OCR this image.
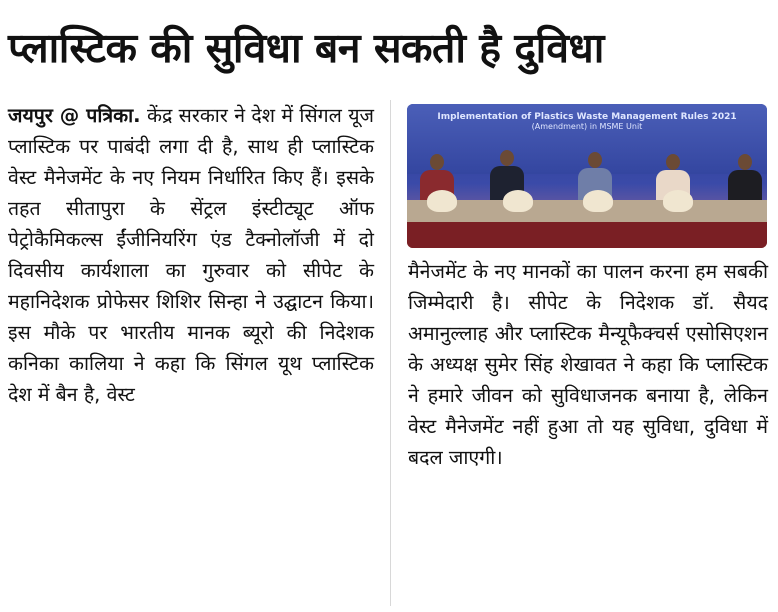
प्लास्टिक की सुविधा बन सकती है दुविधा

जयपुर @ पत्रिका. केंद्र सरकार ने देश में सिंगल यूज प्लास्टिक पर पाबंदी लगा दी है, साथ ही प्लास्टिक वेस्ट मैनेजमेंट के नए नियम निर्धारित किए हैं। इसके तहत सीतापुरा के सेंट्रल इंस्टीट्यूट ऑफ पेट्रोकैमिकल्स ईंजीनियरिंग एंड टैक्नोलॉजी में दो दिवसीय कार्यशाला का गुरुवार को सीपेट के महानिदेशक प्रोफेसर शिशिर सिन्हा ने उद्घाटन किया। इस मौके पर भारतीय मानक ब्यूरो की निदेशक कनिका कालिया ने कहा कि सिंगल यूथ प्लास्टिक देश में बैन है, वेस्ट

Implementation of Plastics Waste Management Rules 2021
(Amendment) in MSME Unit

मैनेजमेंट के नए मानकों का पालन करना हम सबकी जिम्मेदारी है। सीपेट के निदेशक डॉ. सैयद अमानुल्लाह और प्लास्टिक मैन्यूफैक्चर्स एसोसिएशन के अध्यक्ष सुमेर सिंह शेखावत ने कहा कि प्लास्टिक ने हमारे जीवन को सुविधाजनक बनाया है, लेकिन वेस्ट मैनेजमेंट नहीं हुआ तो यह सुविधा, दुविधा में बदल जाएगी।
